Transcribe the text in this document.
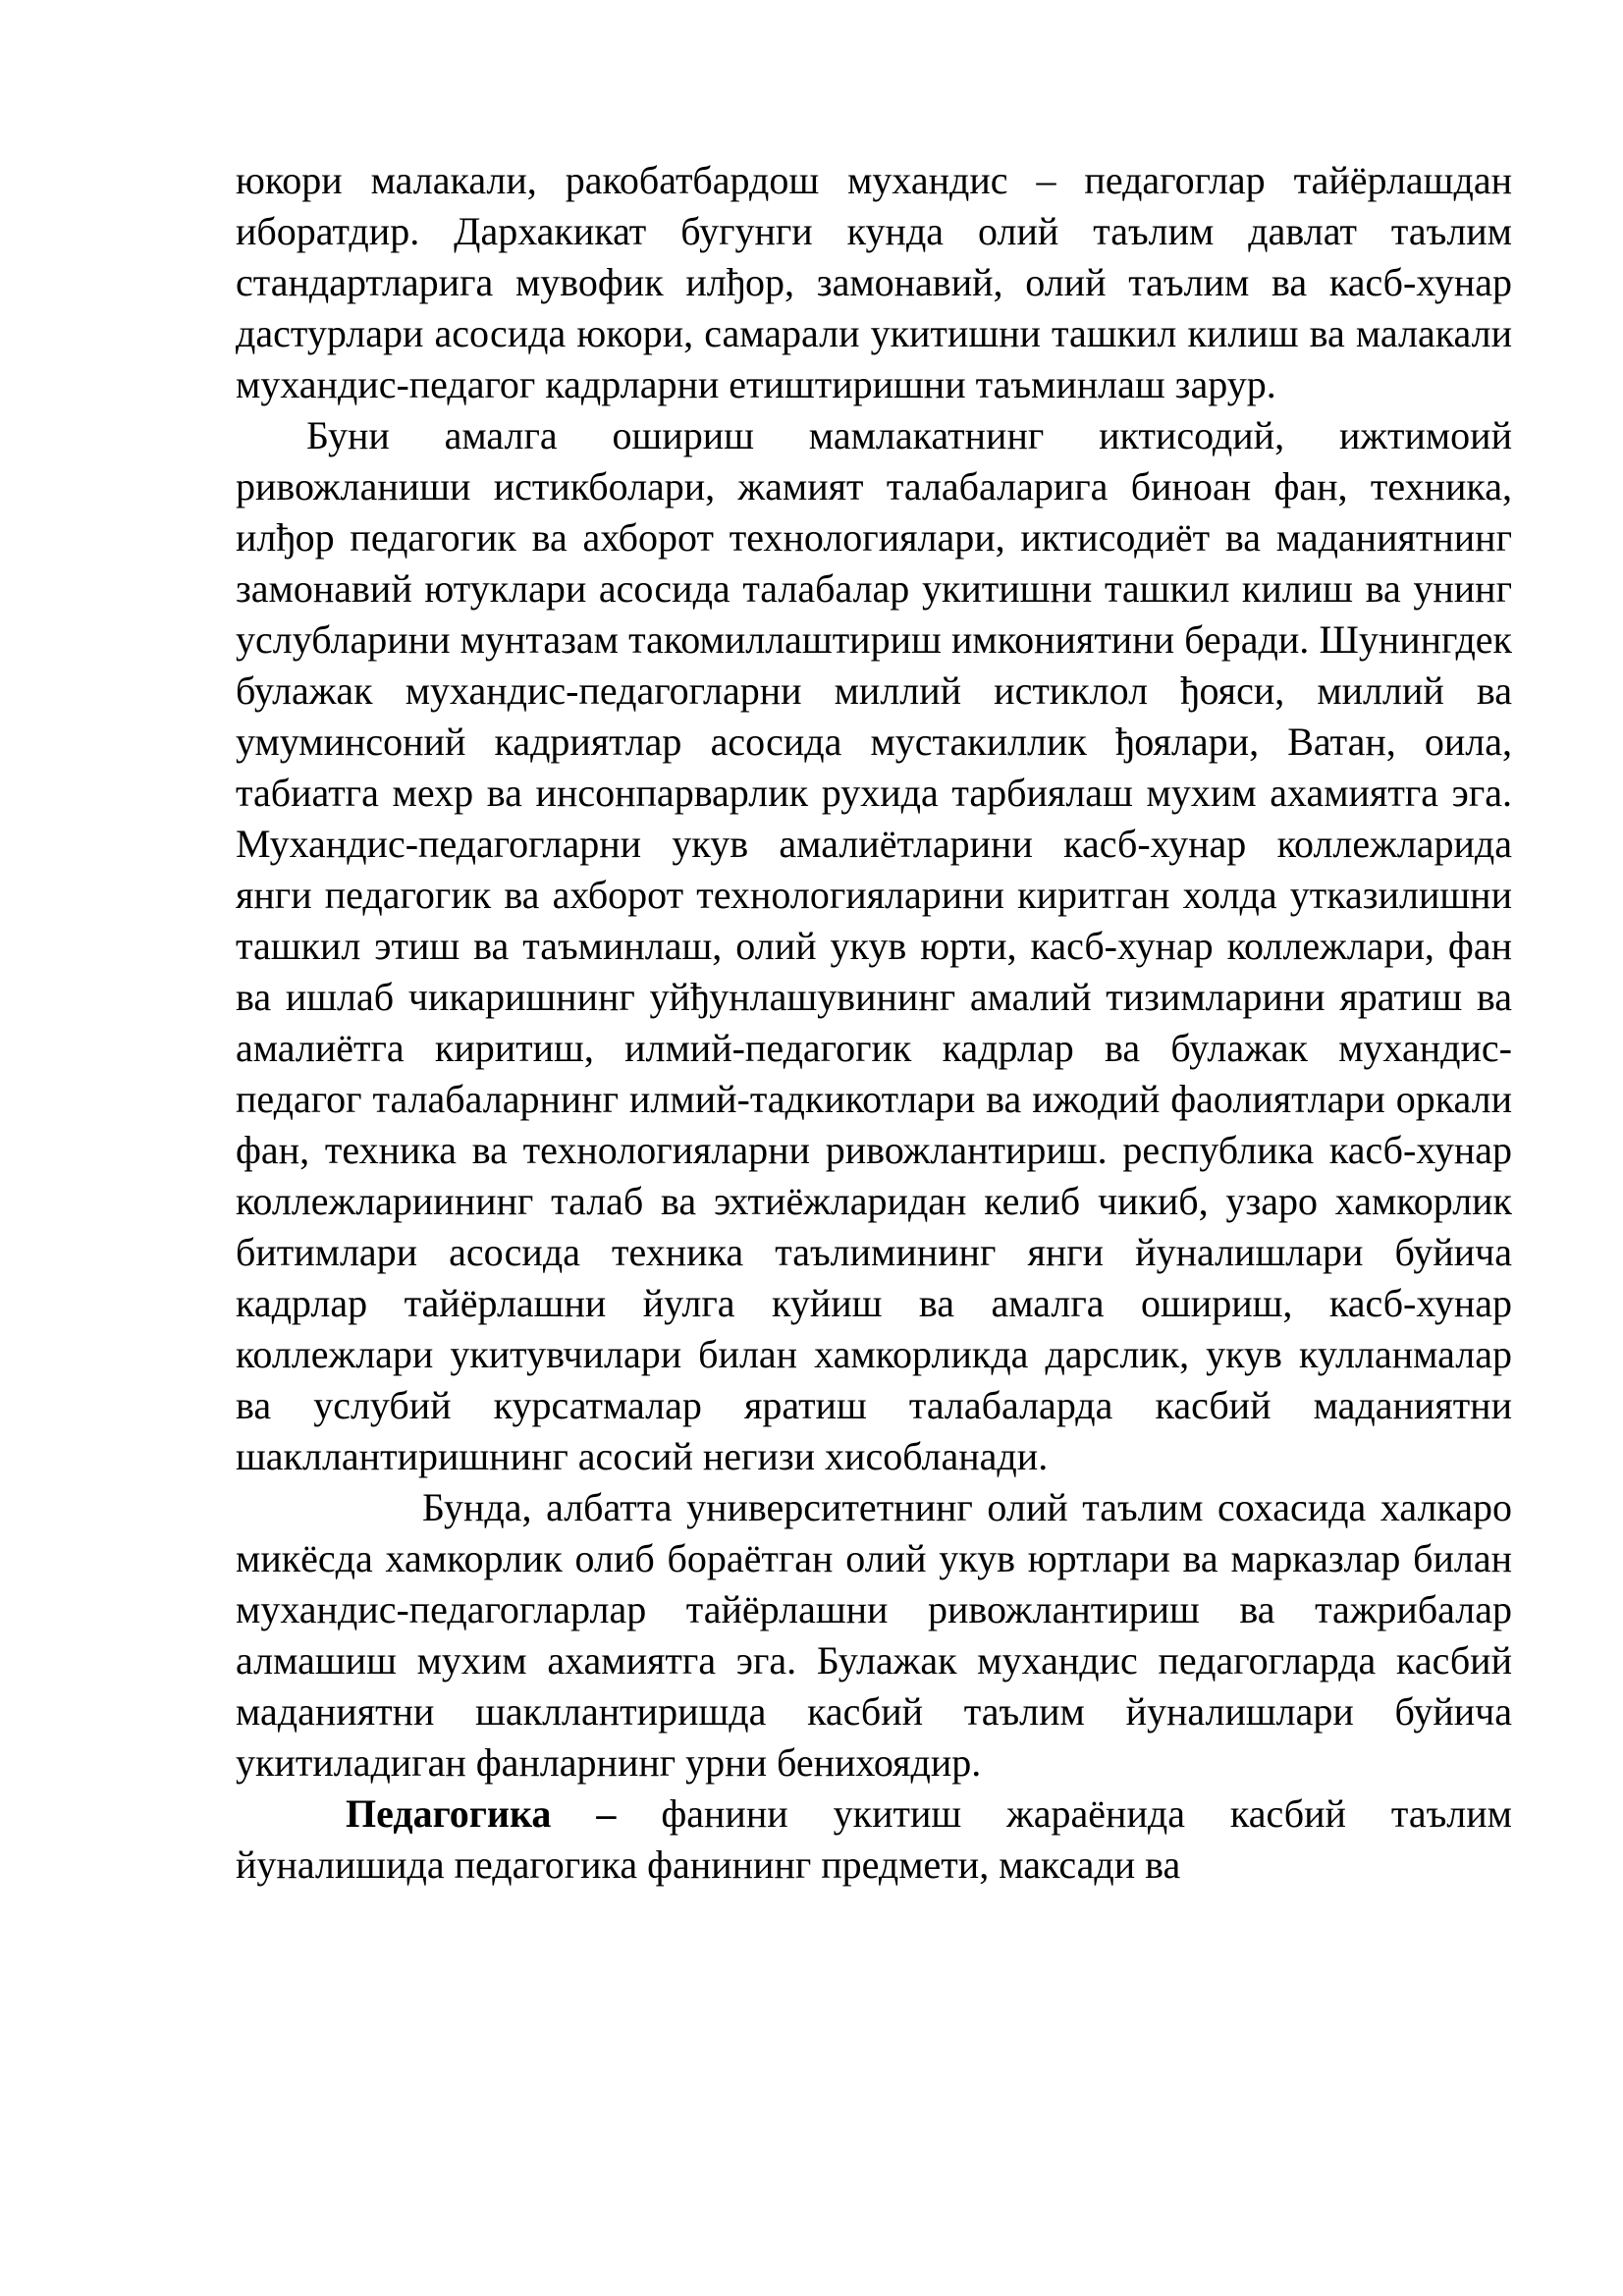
юкори малакали, ракобатбардош мухандис – педагоглар тайёрлашдан иборатдир. Дархакикат бугунги кунда олий таълим давлат таълим стандартларига мувофик илђор, замонавий, олий таълим ва касб-хунар дастурлари асосида юкори, самарали укитишни ташкил килиш ва малакали мухандис-педагог кадрларни етиштиришни таъминлаш зарур.

Буни амалга ошириш мамлакатнинг иктисодий, ижтимоий ривожланиши истикболари, жамият талабаларига биноан фан, техника, илђор педагогик ва ахборот технологиялари, иктисодиёт ва маданиятнинг замонавий ютуклари асосида талабалар укитишни ташкил килиш ва унинг услубларини мунтазам такомиллаштириш имкониятини беради. Шунингдек булажак мухандис-педагогларни миллий истиклол ђояси, миллий ва умуминсоний кадриятлар асосида мустакиллик ђоялари, Ватан, оила, табиатга мехр ва инсонпарварлик рухида тарбиялаш мухим ахамиятга эга. Мухандис-педагогларни укув амалиётларини касб-хунар коллежларида янги педагогик ва ахборот технологияларини киритган холда утказилишни ташкил этиш ва таъминлаш, олий укув юрти, касб-хунар коллежлари, фан ва ишлаб чикаришнинг уйђунлашувининг амалий тизимларини яратиш ва амалиётга киритиш, илмий-педагогик кадрлар ва булажак мухандис-педагог талабаларнинг илмий-тадкикотлари ва ижодий фаолиятлари оркали фан, техника ва технологияларни ривожлантириш. республика касб-хунар коллежлариининг талаб ва эхтиёжларидан келиб чикиб, узаро хамкорлик битимлари асосида техника таълимининг янги йуналишлари буйича кадрлар тайёрлашни йулга куйиш ва амалга ошириш, касб-хунар коллежлари укитувчилари билан хамкорликда дарслик, укув кулланмалар ва услубий курсатмалар яратиш талабаларда касбий маданиятни шакллантиришнинг асосий негизи хисобланади.

Бунда, албатта университетнинг олий таълим сохасида халкаро микёсда хамкорлик олиб бораётган олий укув юртлари ва марказлар билан мухандис-педагогларлар тайёрлашни ривожлантириш ва тажрибалар алмашиш мухим ахамиятга эга. Булажак мухандис педагогларда касбий маданиятни шакллантиришда касбий таълим йуналишлари буйича укитиладиган фанларнинг урни бенихоядир.

Педагогика – фанини укитиш жараёнида касбий таълим йуналишида педагогика фанининг предмети, максади ва
